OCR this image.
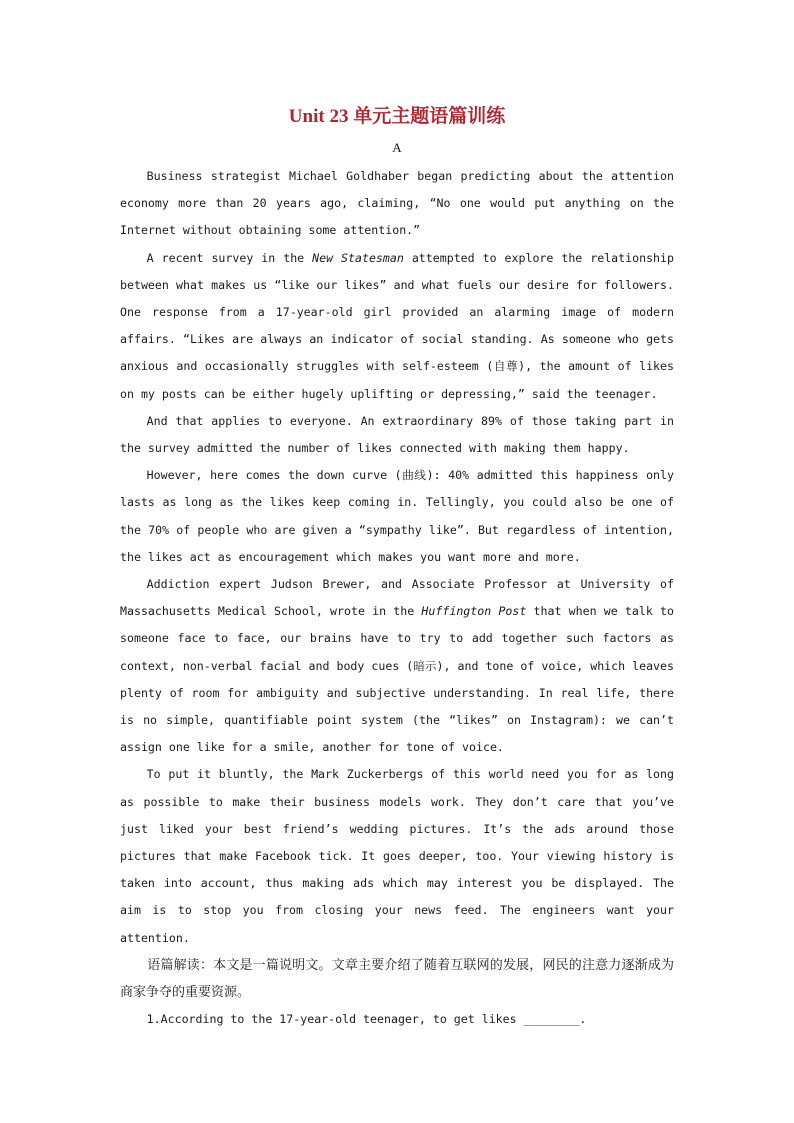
Unit 23 单元主题语篇训练
A

Business strategist Michael Goldhaber began predicting about the attention economy more than 20 years ago, claiming, “No one would put anything on the Internet without obtaining some attention.”

A recent survey in the New Statesman attempted to explore the relationship between what makes us “like our likes” and what fuels our desire for followers. One response from a 17-year-old girl provided an alarming image of modern affairs. “Likes are always an indicator of social standing. As someone who gets anxious and occasionally struggles with self-esteem (自尊), the amount of likes on my posts can be either hugely uplifting or depressing,” said the teenager.

And that applies to everyone. An extraordinary 89% of those taking part in the survey admitted the number of likes connected with making them happy.

However, here comes the down curve (曲线): 40% admitted this happiness only lasts as long as the likes keep coming in. Tellingly, you could also be one of the 70% of people who are given a “sympathy like”. But regardless of intention, the likes act as encouragement which makes you want more and more.

Addiction expert Judson Brewer, and Associate Professor at University of Massachusetts Medical School, wrote in the Huffington Post that when we talk to someone face to face, our brains have to try to add together such factors as context, non-verbal facial and body cues (暗示), and tone of voice, which leaves plenty of room for ambiguity and subjective understanding. In real life, there is no simple, quantifiable point system (the “likes” on Instagram): we can’t assign one like for a smile, another for tone of voice.

To put it bluntly, the Mark Zuckerbergs of this world need you for as long as possible to make their business models work. They don’t care that you’ve just liked your best friend’s wedding pictures. It’s the ads around those pictures that make Facebook tick. It goes deeper, too. Your viewing history is taken into account, thus making ads which may interest you be displayed. The aim is to stop you from closing your news feed. The engineers want your attention.

语篇解读：本文是一篇说明文。文章主要介绍了随着互联网的发展，网民的注意力逐渐成为商家争夺的重要资源。

1.According to the 17-year-old teenager, to get likes ________.
